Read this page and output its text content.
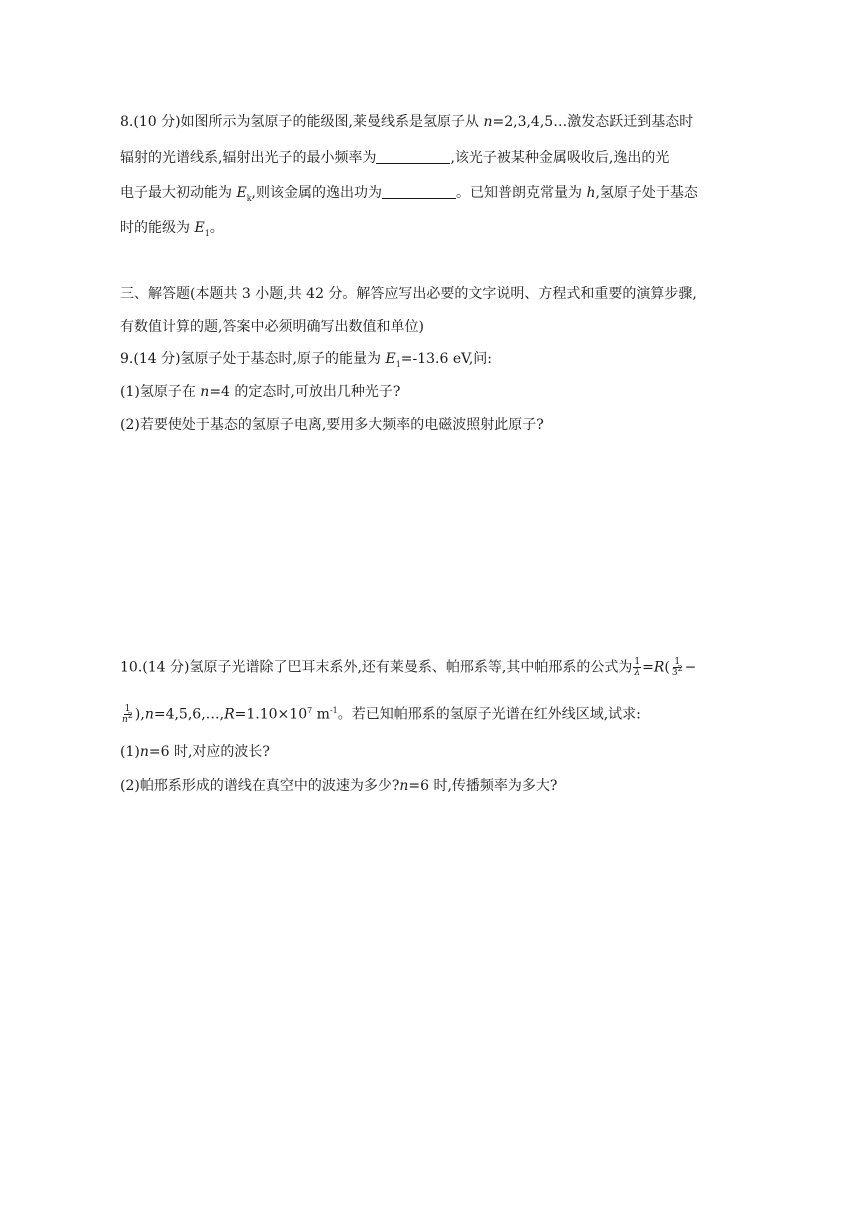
8.(10 分)如图所示为氢原子的能级图,莱曼线系是氢原子从 n=2,3,4,5…激发态跃迁到基态时
辐射的光谱线系,辐射出光子的最小频率为	,该光子被某种金属吸收后,逸出的光
电子最大初动能为 $E_k$,则该金属的逸出功为	。已知普朗克常量为 h,氢原子处于基态
时的能级为 $E_1$。
三、解答题(本题共 3 小题,共 42 分。解答应写出必要的文字说明、方程式和重要的演算步骤,
有数值计算的题,答案中必须明确写出数值和单位)
9.(14 分)氢原子处于基态时,原子的能量为 $E_1=-13.6$ eV,问:
(1)氢原子在 n=4 的定态时,可放出几种光子?
(2)若要使处于基态的氢原子电离,要用多大频率的电磁波照射此原子?
10.(14 分)氢原子光谱除了巴耳末系外,还有莱曼系、帕邢系等,其中帕邢系的公式为 $\frac{1}{\lambda} =R( \frac{1}{3^2}$ −
$\frac{1}{n^2}$ )$,n=4,5,6,\dots,R=1.10\times 10^7$ $m^{-1}$。若已知帕邢系的氢原子光谱在红外线区域,试求:
(1)n=6 时,对应的波长?
(2)帕邢系形成的谱线在真空中的波速为多少?n=6 时,传播频率为多大?
